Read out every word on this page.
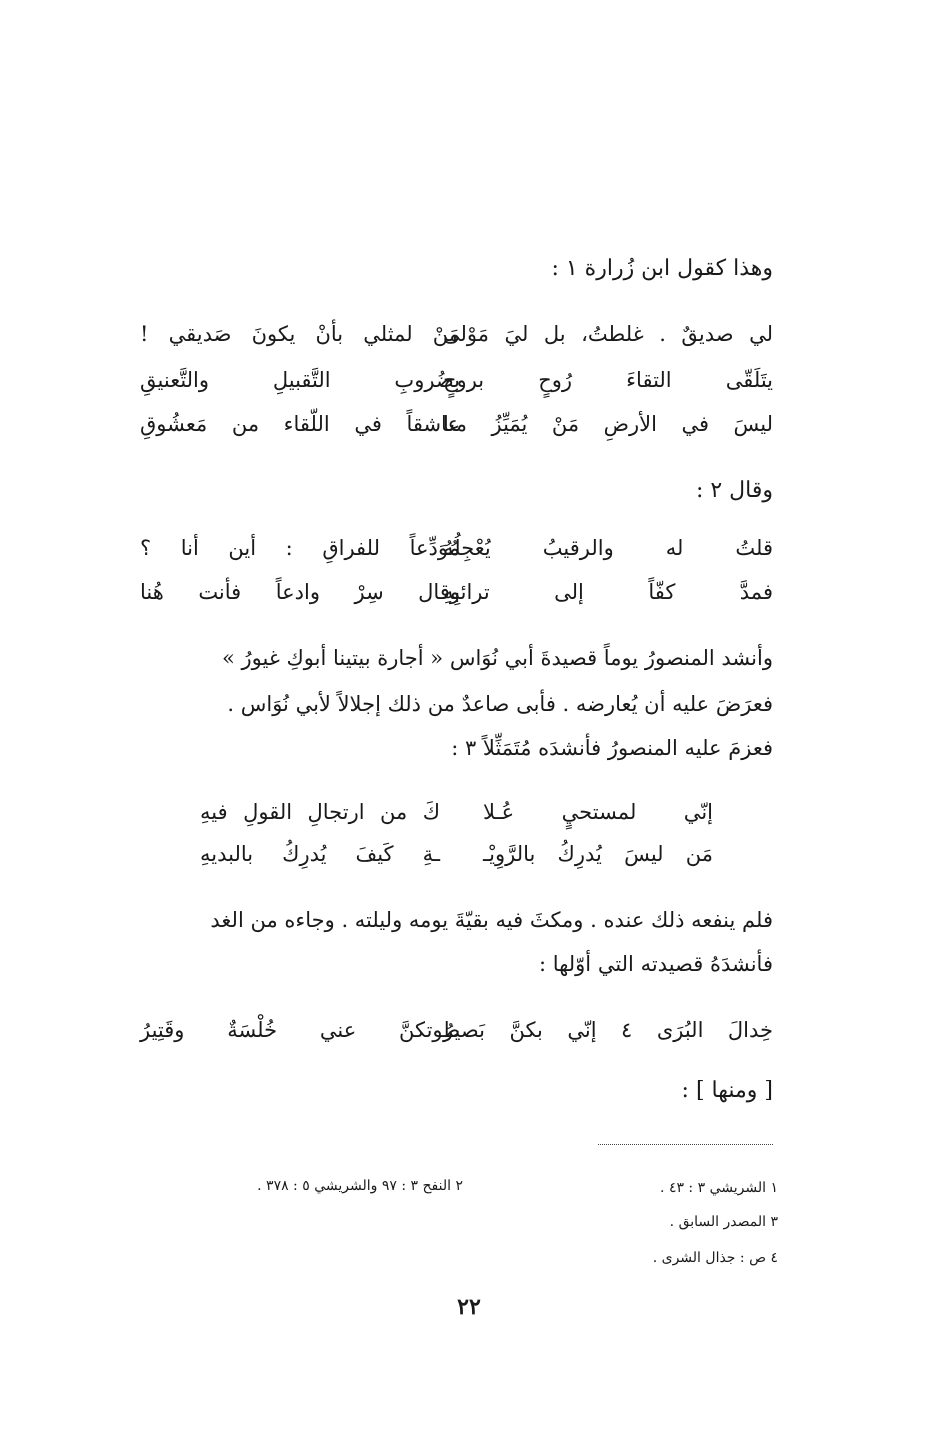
وهذا كقول ابن زُرارة ١ :
لي صديقٌ . غلطتُ، بل ليَ مَوْلى
مَنْ لمثلي بأنْ يكونَ صَديقي !
يتَلَقّى التقاءَ رُوحٍ بروحٍ
بضُروبِ التَّقبيلِ والتَّعنيقِ
ليسَ في الأرضِ مَنْ يُمَيِّزُ منا
عاشقاً في اللّقاء من مَعشُوقِ
وقال ٢ :
قلتُ له والرقيبُ يُعْجِلُهُ
مُوَدِّعاً للفراقِ : أين أنا ؟
فمدَّ كفّاً إلى ترائبِهِ
وقال سِرْ وادعاً فأنت هُنا
وأنشد المنصورُ يوماً قصيدةَ أبي نُوَاس « أجارة بيتينا أبوكِ غيورُ »
فعرَضَ عليه أن يُعارضه . فأبى صاعدٌ من ذلك إجلالاً لأبي نُوَاس .
فعزمَ عليه المنصورُ فأنشدَه مُتَمَثِّلاً ٣ :
إنّي لمستحيٍ عُـلا
كَ من ارتجالِ القولِ فيهِ
مَن ليسَ يُدرِكُ بالرَّوِيْـ
ـةِ كَيفَ يُدرِكُ بالبديهِ
فلم ينفعه ذلك عنده . ومكثَ فيه بقيّةَ يومه وليلته . وجاءه من الغد
فأنشدَهُ قصيدته التي أوّلها :
خِدالَ البُرَى ٤ إنّي بكنَّ بَصيرُ
طوتكنَّ عني خُلْسَةٌ وقَتِيرُ
[ ومنها ] :
١ الشريشي ٣ : ٤٣ .
٢ النفح ٣ : ٩٧ والشريشي ٥ : ٣٧٨ .
٣ المصدر السابق .
٤ ص : جذال الشرى .
٢٢
